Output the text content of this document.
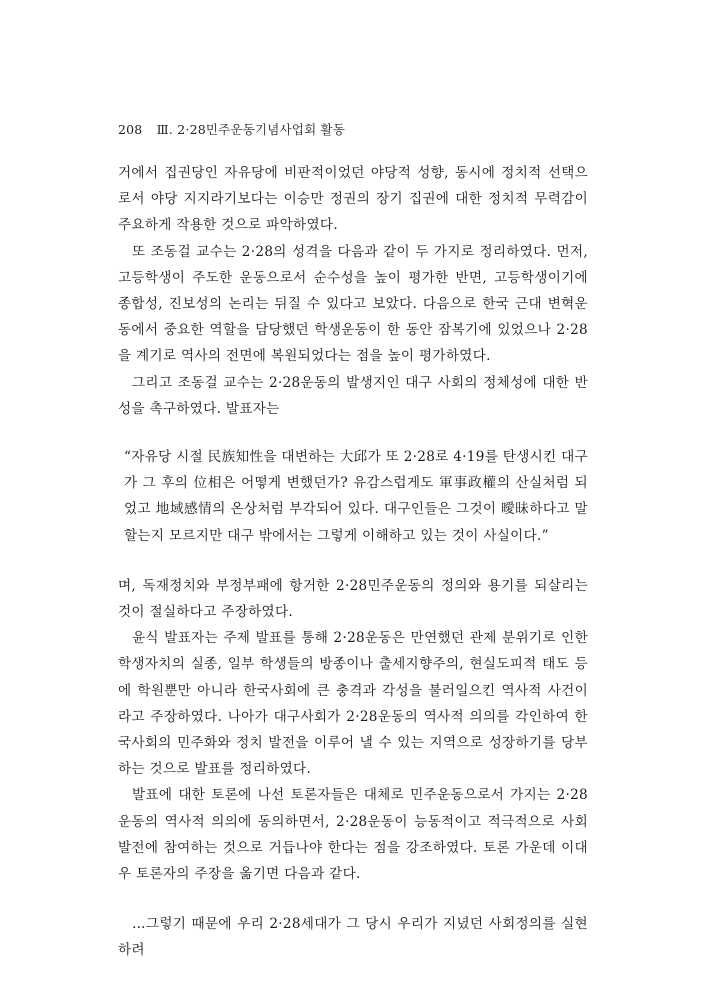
208 Ⅲ. 2·28민주운동기념사업회 활동

거에서 집권당인 자유당에 비판적이었던 야당적 성향, 동시에 정치적 선택으로서 야당 지지라기보다는 이승만 정권의 장기 집권에 대한 정치적 무력감이 주요하게 작용한 것으로 파악하였다.

또 조동걸 교수는 2·28의 성격을 다음과 같이 두 가지로 정리하였다. 먼저, 고등학생이 주도한 운동으로서 순수성을 높이 평가한 반면, 고등학생이기에 종합성, 진보성의 논리는 뒤질 수 있다고 보았다. 다음으로 한국 근대 변혁운동에서 중요한 역할을 담당했던 학생운동이 한 동안 잠복기에 있었으나 2·28을 계기로 역사의 전면에 복원되었다는 점을 높이 평가하였다.

그리고 조동걸 교수는 2·28운동의 발생지인 대구 사회의 정체성에 대한 반성을 촉구하였다. 발표자는

“자유당 시절 民族知性을 대변하는 大邱가 또 2·28로 4·19를 탄생시킨 대구가 그 후의 位相은 어떻게 변했던가? 유감스럽게도 軍事政權의 산실처럼 되었고 地域感情의 온상처럼 부각되어 있다. 대구인들은 그것이 曖昧하다고 말할는지 모르지만 대구 밖에서는 그렇게 이해하고 있는 것이 사실이다.”

며, 독재정치와 부정부패에 항거한 2·28민주운동의 정의와 용기를 되살리는 것이 절실하다고 주장하였다.

윤식 발표자는 주제 발표를 통해 2·28운동은 만연했던 관제 분위기로 인한 학생자치의 실종, 일부 학생들의 방종이나 출세지향주의, 현실도피적 태도 등에 학원뿐만 아니라 한국사회에 큰 충격과 각성을 불러일으킨 역사적 사건이라고 주장하였다. 나아가 대구사회가 2·28운동의 역사적 의의를 각인하여 한국사회의 민주화와 정치 발전을 이루어 낼 수 있는 지역으로 성장하기를 당부하는 것으로 발표를 정리하였다.

발표에 대한 토론에 나선 토론자들은 대체로 민주운동으로서 가지는 2·28운동의 역사적 의의에 동의하면서, 2·28운동이 능동적이고 적극적으로 사회 발전에 참여하는 것으로 거듭나야 한다는 점을 강조하였다. 토론 가운데 이대우 토론자의 주장을 옮기면 다음과 같다.

…그렇기 때문에 우리 2·28세대가 그 당시 우리가 지녔던 사회정의를 실현하려
